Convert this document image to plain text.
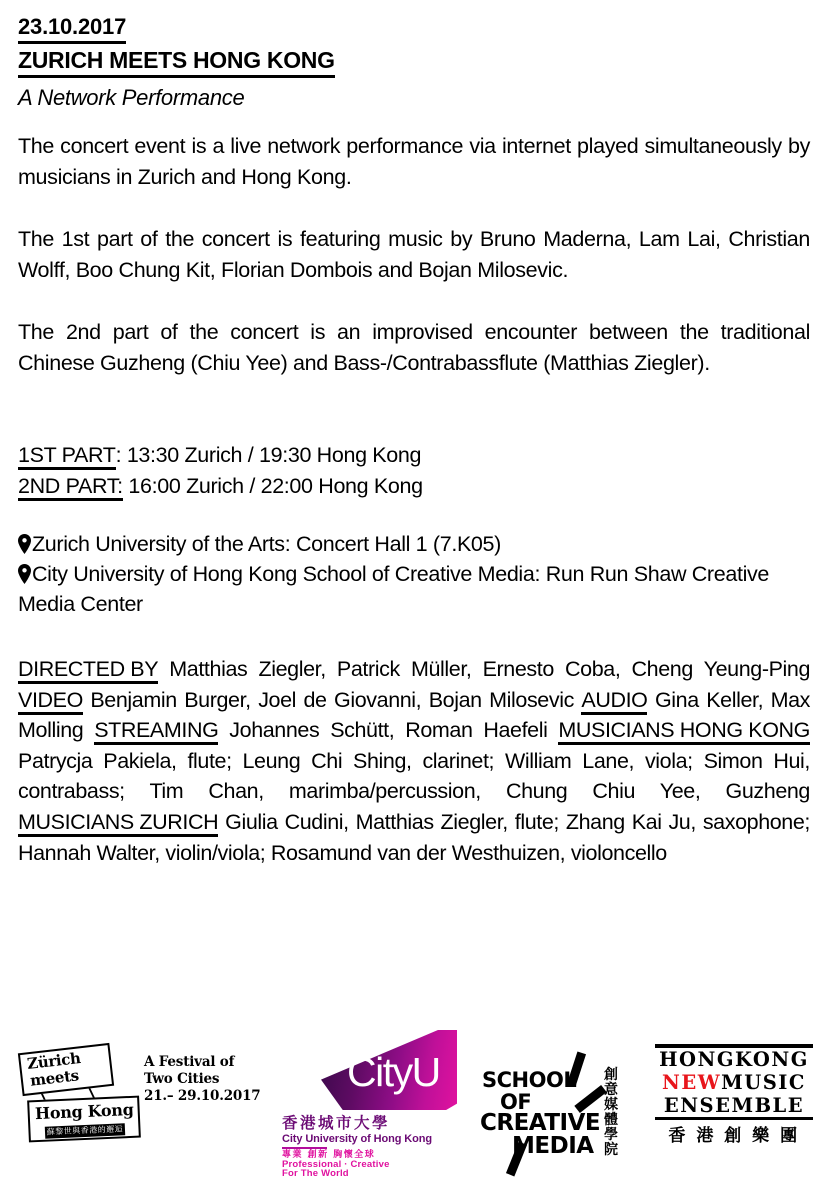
23.10.2017
ZURICH MEETS HONG KONG
A Network Performance

The concert event is a live network performance via internet played simultaneously by musicians in Zurich and Hong Kong.

The 1st part of the concert is featuring music by Bruno Maderna, Lam Lai, Christian Wolff, Boo Chung Kit, Florian Dombois and Bojan Milosevic.

The 2nd part of the concert is an improvised encounter between the traditional Chinese Guzheng (Chiu Yee) and Bass-/Contrabassflute (Matthias Ziegler).

1ST PART: 13:30 Zurich / 19:30 Hong Kong
2ND PART: 16:00 Zurich / 22:00 Hong Kong
Zurich University of the Arts: Concert Hall 1 (7.K05)
City University of Hong Kong School of Creative Media: Run Run Shaw Creative Media Center
DIRECTED BY Matthias Ziegler, Patrick Müller, Ernesto Coba, Cheng Yeung-Ping VIDEO Benjamin Burger, Joel de Giovanni, Bojan Milosevic AUDIO Gina Keller, Max Molling STREAMING Johannes Schütt, Roman Haefeli MUSICIANS HONG KONG Patrycja Pakiela, flute; Leung Chi Shing, clarinet; William Lane, viola; Simon Hui, contrabass; Tim Chan, marimba/percussion, Chung Chiu Yee, Guzheng MUSICIANS ZURICH Giulia Cudini, Matthias Ziegler, flute; Zhang Kai Ju, saxophone; Hannah Walter, violin/viola; Rosamund van der Westhuizen, violoncello
Zürich
meets
Hong Kong
蘇黎世與香港的邂逅
A Festival of
Two Cities
21.– 29.10.2017
CityU
香港城市大學
City University of Hong Kong
專業 創新 胸懷全球
Professional · Creative
For The World
SCHOOL
OF
CREATIVE
MEDIA
創意媒體學院
HONGKONG
NEWMUSIC
ENSEMBLE
香 港 創 樂 團
